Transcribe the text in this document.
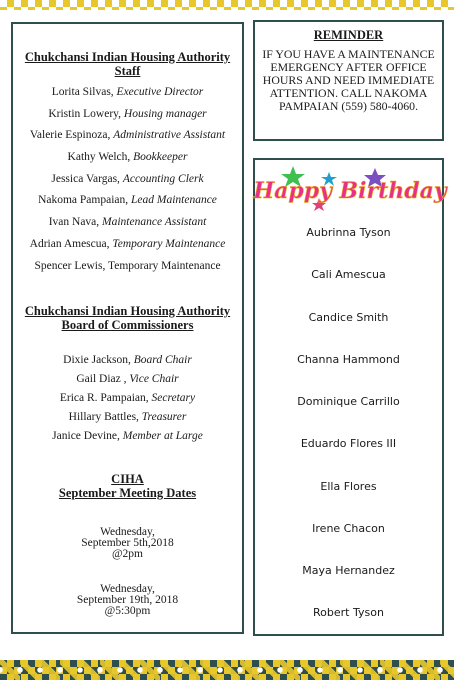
Chukchansi Indian Housing Authority
Staff
Lorita Silvas, Executive Director
Kristin Lowery, Housing manager
Valerie Espinoza, Administrative Assistant
Kathy Welch, Bookkeeper
Jessica Vargas, Accounting Clerk
Nakoma Pampaian, Lead Maintenance
Ivan Nava, Maintenance Assistant
Adrian Amescua, Temporary Maintenance
Spencer Lewis, Temporary Maintenance
Chukchansi Indian Housing Authority
Board of Commissioners
Dixie Jackson, Board Chair
Gail Diaz , Vice Chair
Erica R. Pampaian, Secretary
Hillary Battles, Treasurer
Janice Devine, Member at Large
CIHA
September Meeting Dates
Wednesday,
September 5th,2018
@2pm
Wednesday,
September 19th, 2018
@5:30pm
REMINDER
IF YOU HAVE A MAINTENANCE EMERGENCY AFTER OFFICE HOURS AND NEED IMMEDIATE ATTENTION. CALL NAKOMA PAMPAIAN (559) 580-4060.
Happy Birthday
Aubrinna Tyson
Cali Amescua
Candice Smith
Channa Hammond
Dominique Carrillo
Eduardo Flores III
Ella Flores
Irene Chacon
Maya Hernandez
Robert Tyson
